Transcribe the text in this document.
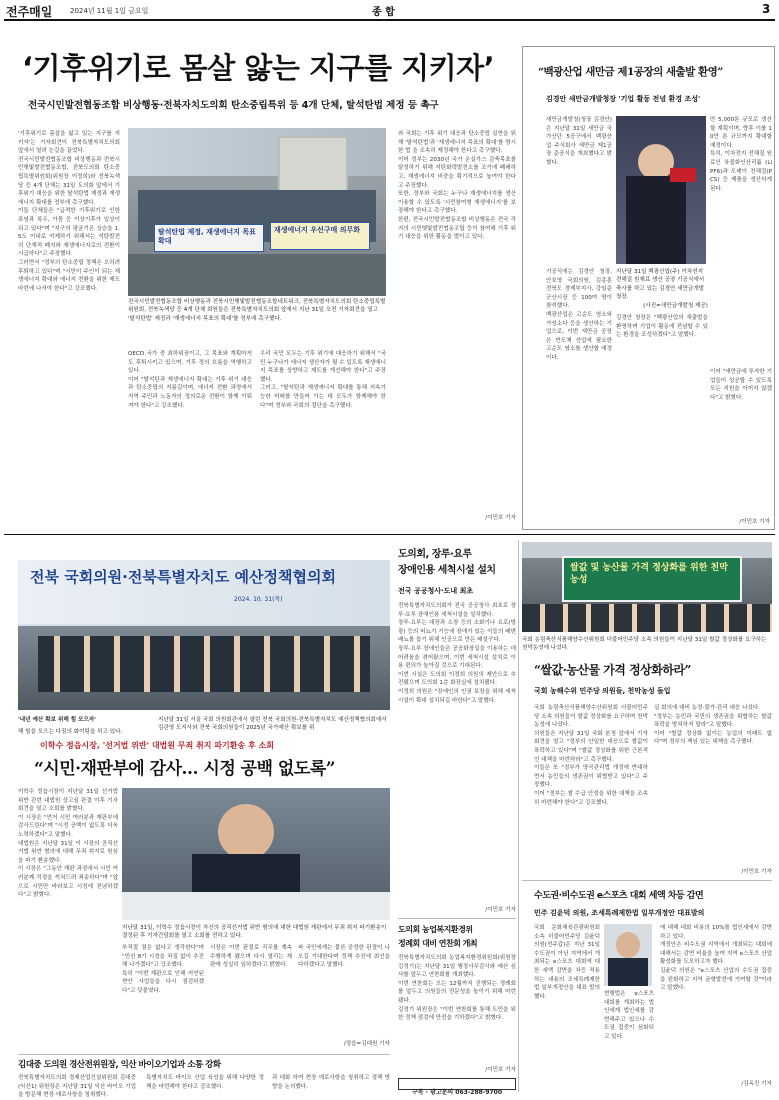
전주매일	2024년 11월 1일 금요일	종 합	3
‘기후위기로 몸살 앓는 지구를 지키자’
전국시민발전협동조합 비상행동·전북자치도의회 탄소중립특위 등 4개 단체, 탈석탄법 제정 등 촉구

'기후위기로 몸살을 앓고 있는 지구를 지키자'는 기자회견이 전북특별자치도의회 앞에서 열려 눈길을 끌었다.

전국시민발전협동조합 비상행동과 전북시민햇빛발전협동조합, 전북도의회 탄소중립특별위원회(위원장 이정희)와 전북녹색당 등 4개 단체는 31일 도의회 앞에서 기후위기 대응을 위한 탈석탄법 제정과 재생에너지 확대를 정부에 촉구했다.

이들 단체들은 "급격한 기후위기로 인한 폭염과 폭우, 가뭄 등 이상기후가 일상이 되고 있다"며 "지구의 평균기온 상승을 1.5도 이내로 억제하기 위해서는 석탄발전의 단계적 폐지와 재생에너지로의 전환이 시급하다"고 주장했다.

그러면서 "정부의 탄소중립 정책은 오히려 후퇴하고 있다"며 "시민이 주인이 되는 재생에너지 확대와 에너지 전환을 위한 제도 마련에 나서야 한다"고 강조했다.

탈석탄법 제정, 재생에너지 목표 확대
재생에너지 우선구매 의무화
전국시민발전협동조합 비상행동과 전북시민햇빛발전협동조합네트워크, 전북특별자치도의회 탄소중립특별위원회, 전북녹색당 등 4개 단체 회원들은 전북특별자치도의회 앞에서 지난 31일 오전 기자회견을 열고 '탈석탄법' 제정과 '재생에너지 목표의 확대'를 정부에 촉구했다.

OECD 국가 중 최하위권이고, 그 목표와 계획마저도 후퇴시키고 있으며, 기후 정의 흐름을 역행하고 있다.

이어 "탈석탄과 재생에너지 확대는 기후 위기 대응과 탄소중립의 지름길이며, 에너지 전환 과정에서 지역 주민과 노동자의 정의로운 전환이 함께 이뤄져야 한다"고 강조했다.

우리 국민 모두는 기후 위기에 대응하기 위해서 "국민 누구나가 에너지 생산자가 될 수 있도록 재생에너지 목표를 상향하고 제도를 개선해야 한다"고 주장했다.

그러고, "탈석탄과 재생에너지 확대를 통해 지속가능한 미래를 만들어 가는 데 모두가 함께해야 한다"며 정부와 국회의 결단을 촉구했다.

와 국회는 기후 위기 대응과 탄소중립 실현을 위해 '탈석탄법'과 '재생에너지 목표의 확대'를 명시한 법 을 조속히 제정해야 한다고 촉구했다.

이어 정부는 2030년 국가 온실가스 감축목표를 달성하기 위해 석탄화력발전소를 조기에 폐쇄하고, 재생에너지 비중을 획기적으로 높여야 한다고 주장했다.

또한, 정부와 국회는 누구나 재생에너지를 생산 이용할 수 있도록 '시민참여형 재생에너지'를 보장해야 한다고 촉구했다.

한편, 전국시민발전협동조합 비상행동은 전국 각지의 시민햇빛발전협동조합 등이 참여해 기후 위기 대응을 위한 활동을 벌이고 있다.

/이민호 기자
“백광산업 새만금 제1공장의 새출발 환영”
김경안 새만금개발청장 '기업 활동 전념 환경 조성'

새만금개발청(청장 김경안)은 지난달 31일 새만금 국가산단 5공구에서 백광산업 주식회사 새만금 제1공장 준공식을 개최했다고 밝혔다.

만 5,000톤 규모로 생산할 계획이며, 향후 이를 10만 톤 규모까지 확대할 예정이다.

특히, 이차전지 전해질 원료인 육불화인산리튬 (LiPF6)과 도레이 전해질(PCS) 등 제품을 생산하게 된다.

지난달 31일 백광산업(주) 이차전지 전해질 원재료 생산 공장 기공식에서 축사를 하고 있는 김경안 새만금개발청장.
(사진=새만금개발청 제공)

기공식에는 김경안 청장, 안호영 국회의원, 김종훈 전북도 경제부지사, 강임준 군산시장 등 100여 명이 참석했다.

백광산업은 고순도 염소와 가성소다 등을 생산하는 기업으로, 이번 새만금 공장은 반도체 산업에 필요한 고순도 염소를 생산할 예정이다.

김경안 청장은 "백광산업의 새출발을 환영하며 기업이 활동에 전념할 수 있는 환경을 조성하겠다"고 말했다.

이어 "새만금에 투자한 기업들이 성공할 수 있도록 모든 지원을 아끼지 않겠다"고 밝혔다.

/이민호 기자
전북 국회의원·전북특별자치도 예산정책협의회
2024. 10. 31(목)
'내년 예산 확보 위해 힘 모으자'
해 힘을 모으는 다짐의 화이팅을 하고 있다.
지난달 31일 서울 국회 의원회관에서 열린 전북 국회의원-전북특별자치도 예산정책협의회에서 김관영 도지사와 전북 국회의원들이 2025년 국가예산 확보를 위
도의회, 장루·요루
장애인용 세척시설 설치
전국 공공청사·도내 최초

전북특별자치도의회가 전국 공공청사 최초로 장루·요루 장애인용 세척시설을 설치했다.

장루·요루는 대장과 소장 등의 소화기나 요로(방광) 등의 비뇨기 기능에 장애가 있는 이들의 배변 배뇨를 돕기 위해 인공으로 만든 배설구다.

장루·요루 장애인들은 공공화장실을 이용하는 데 어려움을 겪어왔으며, 이번 세척시설 설치로 이용 편의가 높아질 것으로 기대된다.

이번 시설은 도의회 이정희 의원의 제안으로 추진됐으며 도의회 1층 화장실에 설치됐다.

이정희 의원은 "장애인의 인권 보장을 위해 세척시설이 확대 설치되길 바란다"고 말했다.

/이민호 기자
도의회 농업복지환경위
정례회 대비 연찬회 개최

전북특별자치도의회 농업복지환경위원회(위원장 김정기)는 지난달 31일 행정사무감사와 예산 심사를 앞두고 연찬회를 개최했다.

이번 연찬회는 오는 12월까지 진행되는 정례회를 앞두고 의원들의 전문성을 높이기 위해 마련됐다.

김정기 위원장은 "이번 연찬회를 통해 도민을 위한 정책 점검에 만전을 기하겠다"고 밝혔다.

/이민호 기자
구독 · 광고문의 063-288-9700
쌀값 및 농산물 가격 정상화를 위한 천막농성
국회 농림축산식품해양수산위원회 더불어민주당 소속 의원들이 지난달 31일 쌀값 정상화를 요구하는 천막농성에 나섰다.
“쌀값·농산물 가격 정상화하라”
국회 농해수위 민주당 의원들, 천막농성 돌입

국회 농림축산식품해양수산위원회 더불어민주당 소속 의원들이 쌀값 정상화를 요구하며 천막농성에 나섰다.

의원들은 지난달 31일 국회 본청 앞에서 기자회견을 열고 "정부의 안일한 대응으로 쌀값이 폭락하고 있다"며 "쌀값 정상화를 위한 근본적인 대책을 마련하라"고 촉구했다.

이들은 또 "정부가 양곡관리법 개정에 반대하면서 농민들의 생존권이 위협받고 있다"고 주장했다.

이어 "정부는 쌀 수급 안정을 위한 대책을 조속히 마련해야 한다"고 강조했다.

실 회의에 대비 농정·물가·관리 대응 나섰다.

"정부는 농민과 국민의 생존권을 위협하는 쌀값 폭락을 방치하지 말라"고 말했다.

이어 "쌀값 정상화 없이는 농업의 미래도 없다"며 정부의 책임 있는 대책을 촉구했다.

/이민호 기자
수도권·비수도권 e스포츠 대회 세액 차등 감면
민주 김윤덕 의원, 조세특례제한법 일부개정안 대표발의

국회 문화체육관광위원회 소속 더불어민주당 김윤덕 의원(전주갑)은 지난 31일 수도권이 아닌 지역에서 개최되는 e스포츠 대회에 대한 세액 감면을 차등 적용하는 내용의 조세특례제한법 일부개정안을 대표 발의했다.	현행법은 e스포츠 대회를 개최하는 법인에게 법인세를 감면해주고 있으나 수도권 집중이 심화되고 있다.

에 대해 대회 비용의 10%를 법인세에서 감면하고 있다.

개정안은 비수도권 지역에서 개최되는 대회에 대해서는 감면 비율을 높여 지역 e스포츠 산업 활성화를 도모하고자 했다.

김윤덕 의원은 "e스포츠 산업의 수도권 집중을 완화하고 지역 균형발전에 기여할 것"이라고 말했다.

/김옥진 기자
이학수 정읍시장, '선거법 위반' 대법원 무죄 취지 파기환송 후 소회
“시민·재판부에 감사… 시정 공백 없도록”

이학수 정읍시장이 지난달 31일 선거법 위반 관련 대법원 상고심 판결 이후 기자회견을 열고 소회를 밝혔다.

이 시장은 "먼저 시민 여러분과 재판부에 감사드린다"며 "시정 공백이 없도록 더욱 노력하겠다"고 말했다.

대법원은 지난달 31일 이 시장의 공직선거법 위반 혐의에 대해 무죄 취지로 원심을 파기 환송했다.

이 시장은 "그동안 재판 과정에서 시민 여러분께 걱정을 끼쳐드려 죄송하다"며 "앞으로 시민만 바라보고 시정에 전념하겠다"고 밝혔다.

지난달 31일, 이학수 정읍시장이 자신의 공직선거법 위반 혐의에 대한 대법원 재판에서 무죄 취지 파기환송이 결정된 후 기자간담회를 열고 소회를 전하고 있다.

부적절 점은 없다고 생각한다"며 "민선 8기 시정을 차질 없이 추진해 나가겠다"고 강조했다.

특히 "이번 재판으로 인해 지연된 현안 사업들을 다시 점검하겠다"고 덧붙였다.

시장은 이번 판결로 직무를 계속 수행하게 됐으며 다시 열리는 재판에 성실히 임하겠다고 밝혔다.

파 국민에게는 물론 공정한 판결이 나오길 기대한다며 정책 추진에 최선을 다하겠다고 말했다.

/정읍=김대원 기자
김대중 도의원 경산전위원장, 익산 바이오기업과 소통 강화

전북특별자치도의회 경제산업건설위원회 김대중(익산1) 위원장은 지난달 31일 익산 바이오 기업을 방문해 현장 애로사항을 청취했다.

특별자치도 바이오 산업 육성을 위해 다양한 정책을 마련해야 한다고 강조했다.

과 대화 하여 현장 애로사항을 청취하고 정책 방향을 논의했다.
